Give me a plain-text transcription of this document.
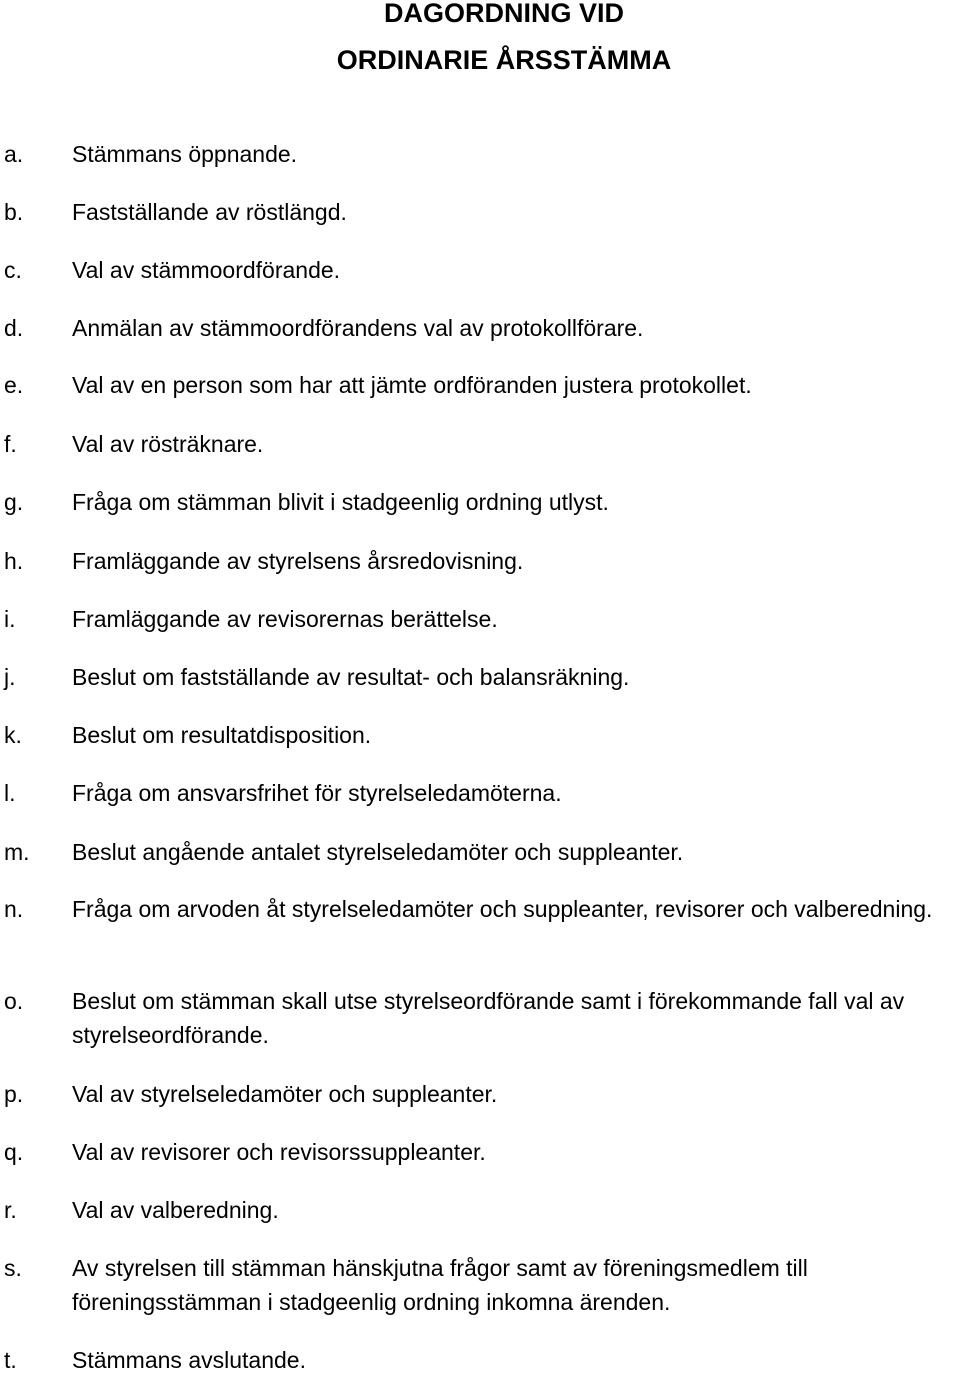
DAGORDNING VID
ORDINARIE ÅRSSTÄMMA
a. Stämmans öppnande.
b. Fastställande av röstlängd.
c. Val av stämmoordförande.
d. Anmälan av stämmoordförandens val av protokollförare.
e. Val av en person som har att jämte ordföranden justera protokollet.
f. Val av rösträknare.
g. Fråga om stämman blivit i stadgeenlig ordning utlyst.
h. Framläggande av styrelsens årsredovisning.
i. Framläggande av revisorernas berättelse.
j. Beslut om fastställande av resultat- och balansräkning.
k. Beslut om resultatdisposition.
l. Fråga om ansvarsfrihet för styrelseledamöterna.
m. Beslut angående antalet styrelseledamöter och suppleanter.
n. Fråga om arvoden åt styrelseledamöter och suppleanter, revisorer och valberedning.
o. Beslut om stämman skall utse styrelseordförande samt i förekommande fall val av styrelseordförande.
p. Val av styrelseledamöter och suppleanter.
q. Val av revisorer och revisorssuppleanter.
r. Val av valberedning.
s. Av styrelsen till stämman hänskjutna frågor samt av föreningsmedlem till föreningsstämman i stadgeenlig ordning inkomna ärenden.
t. Stämmans avslutande.
